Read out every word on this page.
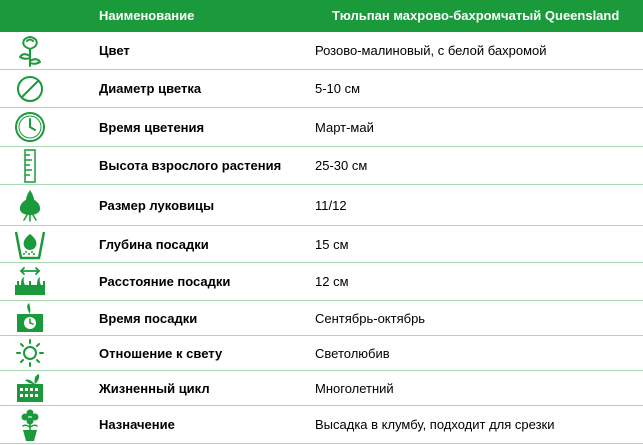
Наименование	Тюльпан махрово-бахромчатый Queensland
Цвет	Розово-малиновый, с белой бахромой
Диаметр цветка	5-10 см
Время цветения	Март-май
Высота взрослого растения	25-30 см
Размер луковицы	11/12
Глубина посадки	15 см
Расстояние посадки	12 см
Время посадки	Сентябрь-октябрь
Отношение к свету	Светолюбив
Жизненный цикл	Многолетний
Назначение	Высадка в клумбу, подходит для срезки
